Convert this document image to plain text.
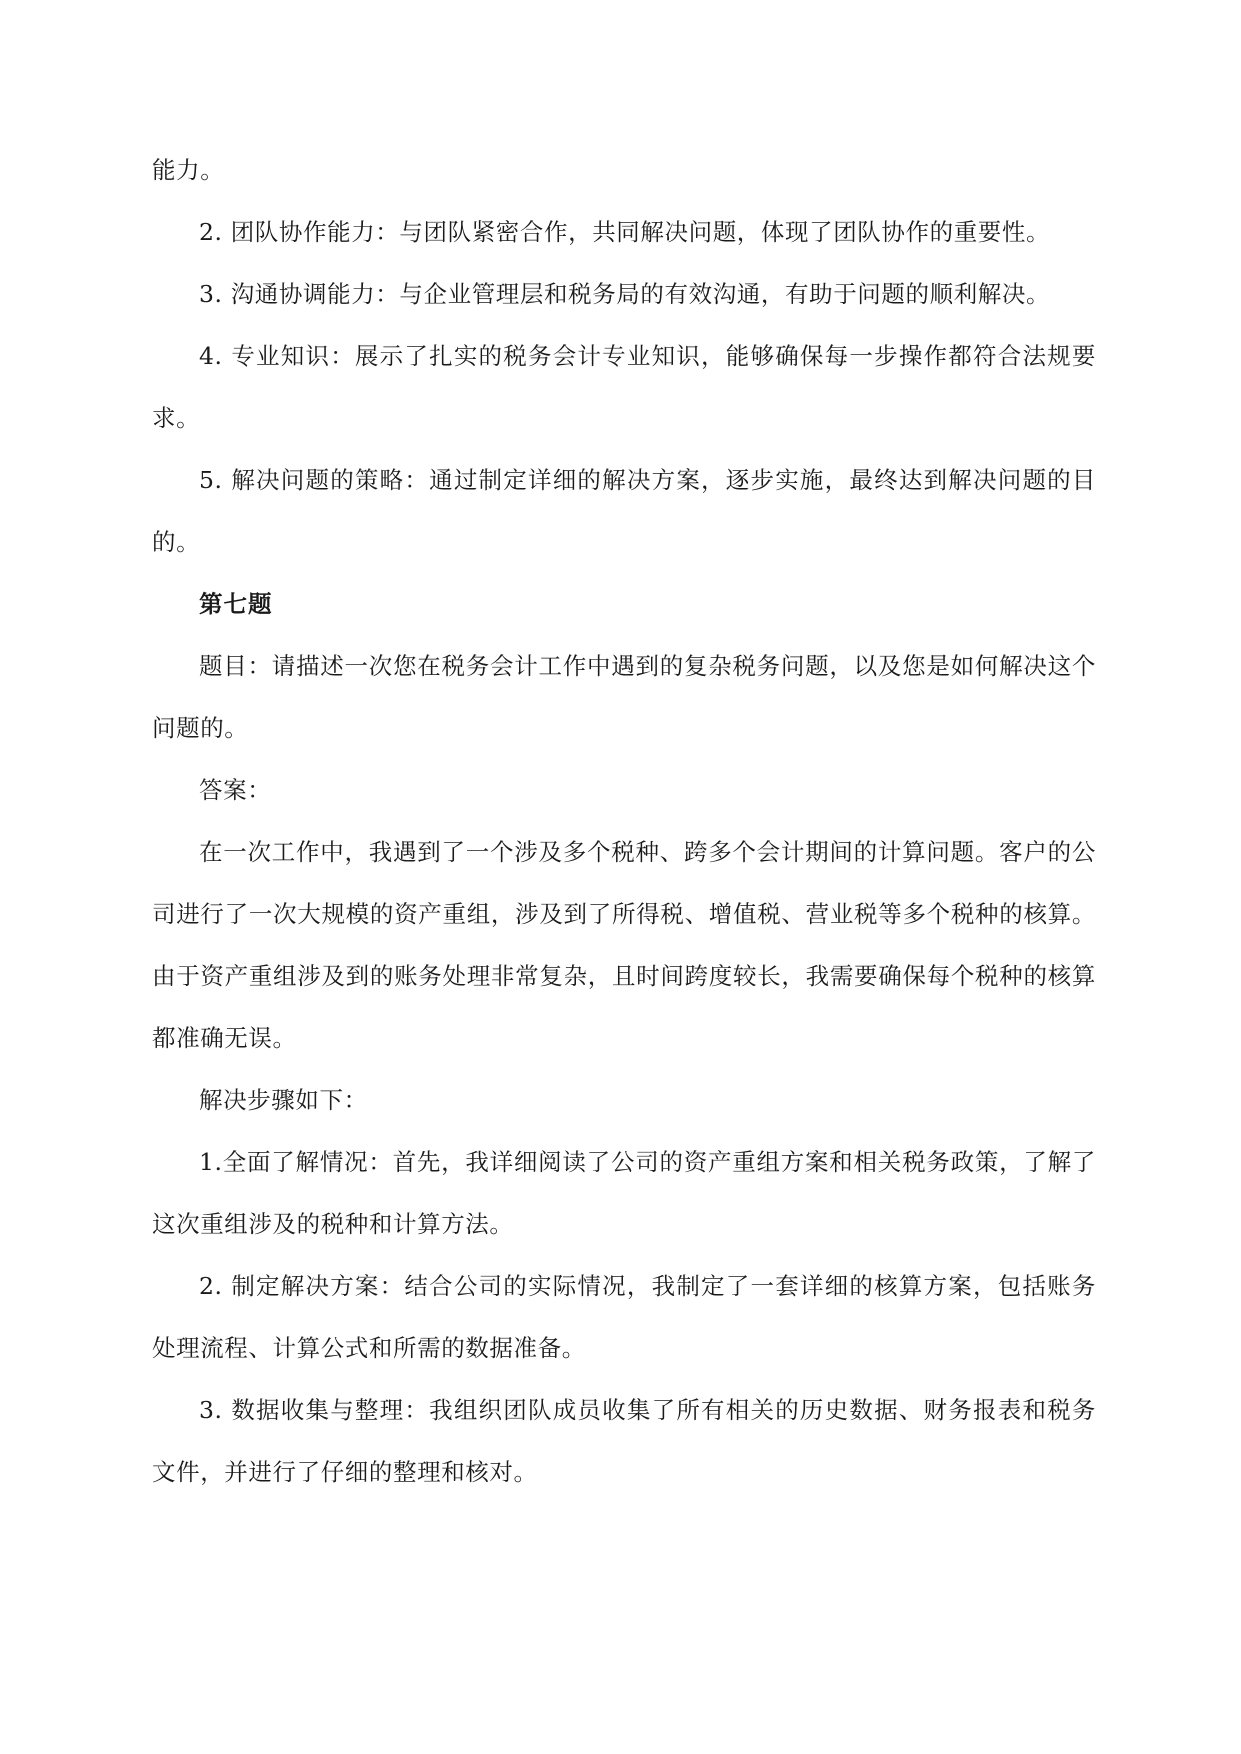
能力。

2. 团队协作能力：与团队紧密合作，共同解决问题，体现了团队协作的重要性。

3. 沟通协调能力：与企业管理层和税务局的有效沟通，有助于问题的顺利解决。

4. 专业知识：展示了扎实的税务会计专业知识，能够确保每一步操作都符合法规要求。

5. 解决问题的策略：通过制定详细的解决方案，逐步实施，最终达到解决问题的目的。

第七题

题目：请描述一次您在税务会计工作中遇到的复杂税务问题，以及您是如何解决这个问题的。

答案：

在一次工作中，我遇到了一个涉及多个税种、跨多个会计期间的计算问题。客户的公司进行了一次大规模的资产重组，涉及到了所得税、增值税、营业税等多个税种的核算。由于资产重组涉及到的账务处理非常复杂，且时间跨度较长，我需要确保每个税种的核算都准确无误。

解决步骤如下：

1.全面了解情况：首先，我详细阅读了公司的资产重组方案和相关税务政策，了解了这次重组涉及的税种和计算方法。

2. 制定解决方案：结合公司的实际情况，我制定了一套详细的核算方案，包括账务处理流程、计算公式和所需的数据准备。

3. 数据收集与整理：我组织团队成员收集了所有相关的历史数据、财务报表和税务文件，并进行了仔细的整理和核对。
